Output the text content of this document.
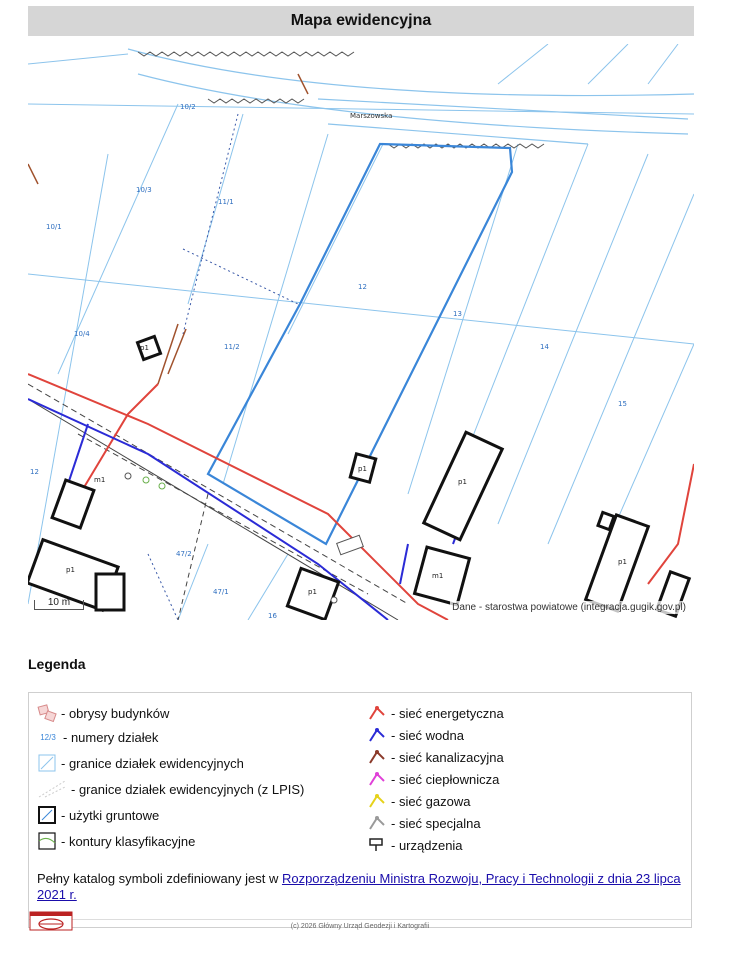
Mapa ewidencyjna
10/2
10/3
10/1
10/4
11/1
11/2
12
13
14
15
47/2
47/1
12
16
Marszowska
m1
p1
p1
p1
m1
p1
p1
p1
10 m	Dane - starostwa powiatowe (integracja.gugik.gov.pl)
Legenda
- obrysy budynków
12/3 - numery działek
- granice działek ewidencyjnych
- granice działek ewidencyjnych (z LPIS)
- użytki gruntowe
- kontury klasyfikacyjne
- sieć energetyczna
- sieć wodna
- sieć kanalizacyjna
- sieć ciepłownicza
- sieć gazowa
- sieć specjalna
- urządzenia
Pełny katalog symboli zdefiniowany jest w Rozporządzeniu Ministra Rozwoju, Pracy i Technologii z dnia 23 lipca 2021 r.
(c) 2026 Główny Urząd Geodezji i Kartografii
